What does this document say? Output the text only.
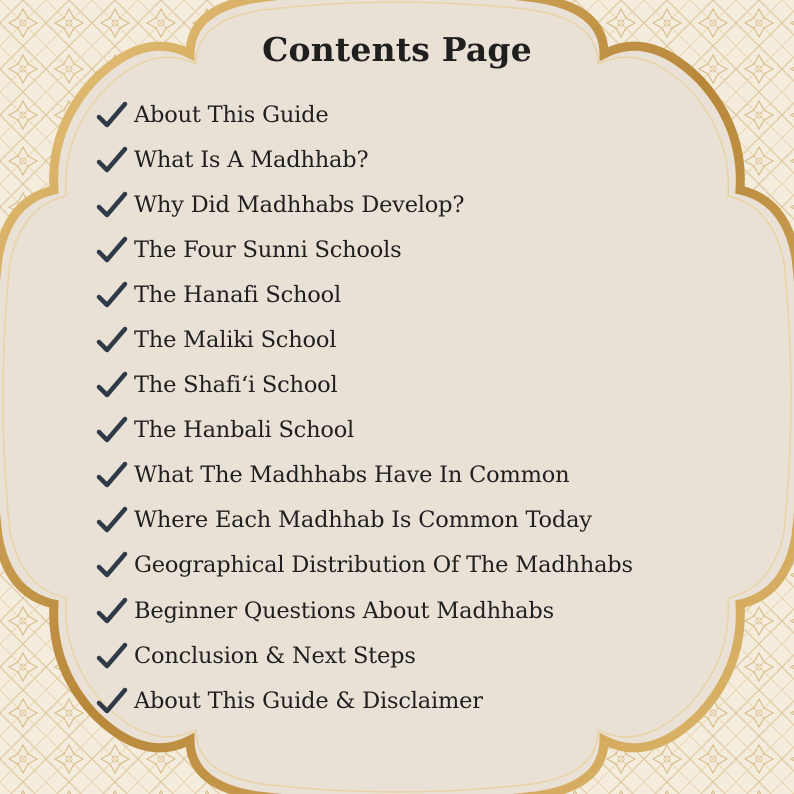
Contents Page
About This Guide
What Is A Madhhab?
Why Did Madhhabs Develop?
The Four Sunni Schools
The Hanafi School
The Maliki School
The Shafi‘i School
The Hanbali School
What The Madhhabs Have In Common
Where Each Madhhab Is Common Today
Geographical Distribution Of The Madhhabs
Beginner Questions About Madhhabs
Conclusion & Next Steps
About This Guide & Disclaimer
